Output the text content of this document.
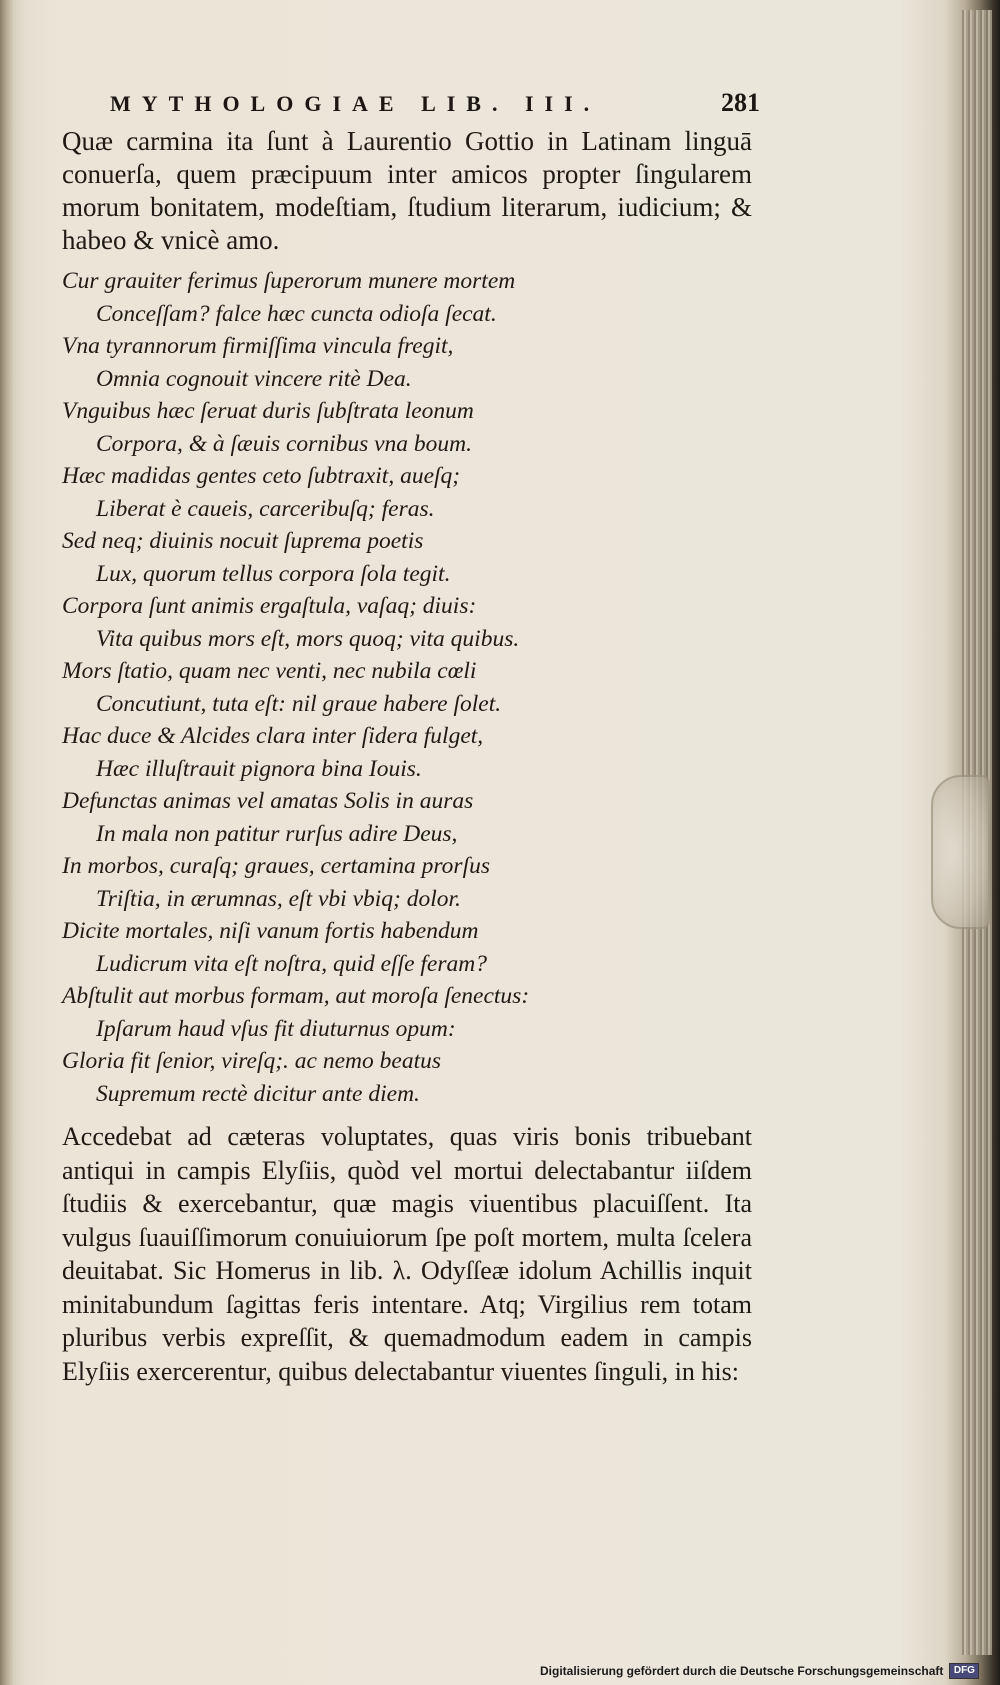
MYTHOLOGIAE LIB. III.	281

Quæ carmina ita ſunt à Laurentio Gottio in Latinam linguā conuerſa, quem præcipuum inter amicos propter ſingularem morum bonitatem, modeſtiam, ſtudium literarum, iudicium; & habeo & vnicè amo.

Cur grauiter ferimus ſuperorum munere mortem
Conceſſam? falce hæc cuncta odioſa ſecat.
Vna tyrannorum firmiſſima vincula fregit,
Omnia cognouit vincere ritè Dea.
Vnguibus hæc ſeruat duris ſubſtrata leonum
Corpora, & à ſæuis cornibus vna boum.
Hæc madidas gentes ceto ſubtraxit, aueſq;
Liberat è caueis, carceribuſq; feras.
Sed neq; diuinis nocuit ſuprema poetis
Lux, quorum tellus corpora ſola tegit.
Corpora ſunt animis ergaſtula, vaſaq; diuis:
Vita quibus mors eſt, mors quoq; vita quibus.
Mors ſtatio, quam nec venti, nec nubila cœli
Concutiunt, tuta eſt: nil graue habere ſolet.
Hac duce & Alcides clara inter ſidera fulget,
Hæc illuſtrauit pignora bina Iouis.
Defunctas animas vel amatas Solis in auras
In mala non patitur rurſus adire Deus,
In morbos, curaſq; graues, certamina prorſus
Triſtia, in ærumnas, eſt vbi vbiq; dolor.
Dicite mortales, niſi vanum fortis habendum
Ludicrum vita eſt noſtra, quid eſſe feram?
Abſtulit aut morbus formam, aut moroſa ſenectus:
Ipſarum haud vſus fit diuturnus opum:
Gloria fit ſenior, vireſq;. ac nemo beatus
Supremum rectè dicitur ante diem.

Accedebat ad cæteras voluptates, quas viris bonis tribuebant antiqui in campis Elyſiis, quòd vel mortui delectabantur iiſdem ſtudiis & exercebantur, quæ magis viuentibus placuiſſent. Ita vulgus ſuauiſſimorum conuiuiorum ſpe poſt mortem, multa ſcelera deuitabat. Sic Homerus in lib. λ. Odyſſeæ idolum Achillis inquit minitabundum ſagittas feris intentare. Atq; Virgilius rem totam pluribus verbis expreſſit, & quemadmodum eadem in campis Elyſiis exercerentur, quibus delectabantur viuentes ſinguli, in his:

Digitalisierung gefördert durch die Deutsche Forschungsgemeinschaft	DFG
